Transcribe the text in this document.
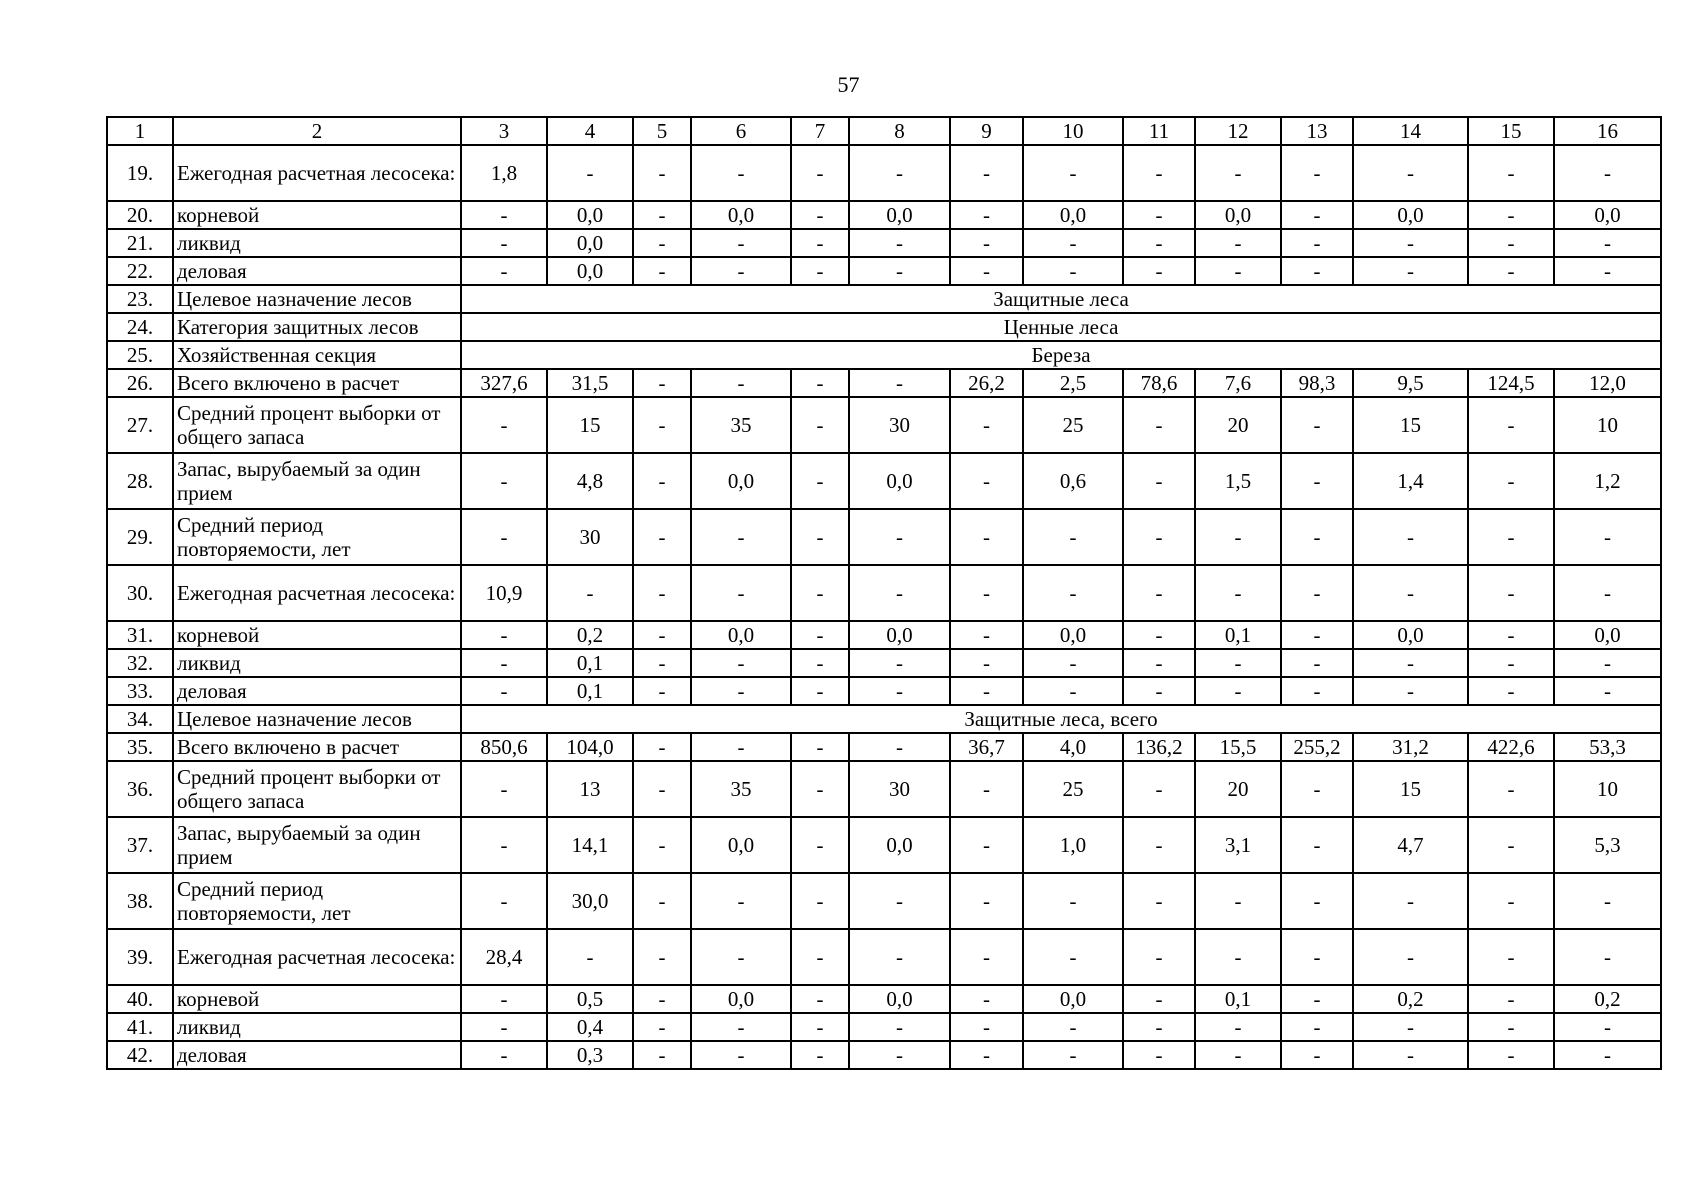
57
1	2	3	4	5	6	7	8	9	10	11	12	13	14	15	16
19.	Ежегодная расчетная лесосека:	1,8	-	-	-	-	-	-	-	-	-	-	-	-	-
20.	корневой	-	0,0	-	0,0	-	0,0	-	0,0	-	0,0	-	0,0	-	0,0
21.	ликвид	-	0,0	-	-	-	-	-	-	-	-	-	-	-	-
22.	деловая	-	0,0	-	-	-	-	-	-	-	-	-	-	-	-
23.	Целевое назначение лесов	Защитные леса													
24.	Категория защитных лесов	Ценные леса													
25.	Хозяйственная секция	Береза													
26.	Всего включено в расчет	327,6	31,5	-	-	-	-	26,2	2,5	78,6	7,6	98,3	9,5	124,5	12,0
27.	Средний процент выборки от общего запаса	-	15	-	35	-	30	-	25	-	20	-	15	-	10
28.	Запас, вырубаемый за один прием	-	4,8	-	0,0	-	0,0	-	0,6	-	1,5	-	1,4	-	1,2
29.	Средний период повторяемости, лет	-	30	-	-	-	-	-	-	-	-	-	-	-	-
30.	Ежегодная расчетная лесосека:	10,9	-	-	-	-	-	-	-	-	-	-	-	-	-
31.	корневой	-	0,2	-	0,0	-	0,0	-	0,0	-	0,1	-	0,0	-	0,0
32.	ликвид	-	0,1	-	-	-	-	-	-	-	-	-	-	-	-
33.	деловая	-	0,1	-	-	-	-	-	-	-	-	-	-	-	-
34.	Целевое назначение лесов	Защитные леса, всего													
35.	Всего включено в расчет	850,6	104,0	-	-	-	-	36,7	4,0	136,2	15,5	255,2	31,2	422,6	53,3
36.	Средний процент выборки от общего запаса	-	13	-	35	-	30	-	25	-	20	-	15	-	10
37.	Запас, вырубаемый за один прием	-	14,1	-	0,0	-	0,0	-	1,0	-	3,1	-	4,7	-	5,3
38.	Средний период повторяемости, лет	-	30,0	-	-	-	-	-	-	-	-	-	-	-	-
39.	Ежегодная расчетная лесосека:	28,4	-	-	-	-	-	-	-	-	-	-	-	-	-
40.	корневой	-	0,5	-	0,0	-	0,0	-	0,0	-	0,1	-	0,2	-	0,2
41.	ликвид	-	0,4	-	-	-	-	-	-	-	-	-	-	-	-
42.	деловая	-	0,3	-	-	-	-	-	-	-	-	-	-	-	-
